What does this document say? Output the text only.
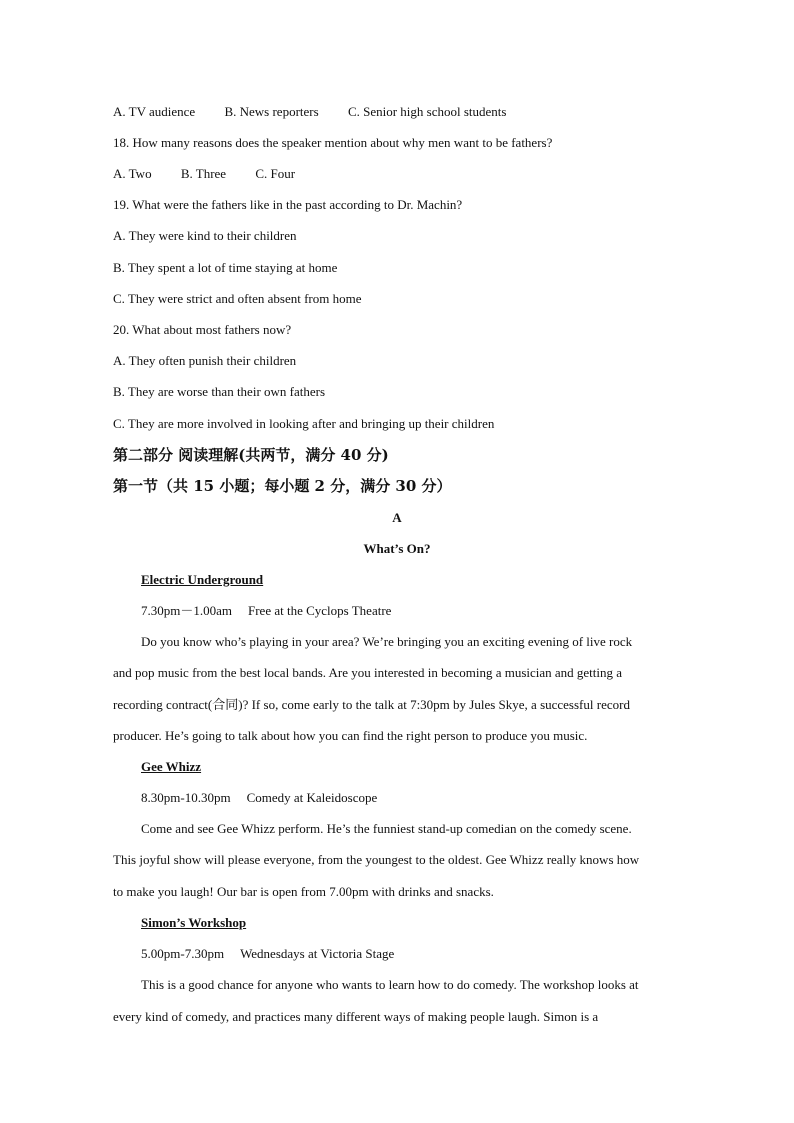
A. TV audience B. News reporters C. Senior high school students
18. How many reasons does the speaker mention about why men want to be fathers?
A. Two B. Three C. Four
19. What were the fathers like in the past according to Dr. Machin?
A. They were kind to their children
B. They spent a lot of time staying at home
C. They were strict and often absent from home
20. What about most fathers now?
A. They often punish their children
B. They are worse than their own fathers
C. They are more involved in looking after and bringing up their children
第二部分 阅读理解(共两节，满分 40 分)
第一节（共 15 小题；每小题 2 分，满分 30 分）
A
What’s On?
Electric Underground
7.30pm－1.00am Free at the Cyclops Theatre
Do you know who’s playing in your area? We’re bringing you an exciting evening of live rock
and pop music from the best local bands. Are you interested in becoming a musician and getting a
recording contract(合同)? If so, come early to the talk at 7:30pm by Jules Skye, a successful record
producer. He’s going to talk about how you can find the right person to produce you music.
Gee Whizz
8.30pm-10.30pm Comedy at Kaleidoscope
Come and see Gee Whizz perform. He’s the funniest stand-up comedian on the comedy scene.
This joyful show will please everyone, from the youngest to the oldest. Gee Whizz really knows how
to make you laugh! Our bar is open from 7.00pm with drinks and snacks.
Simon’s Workshop
5.00pm-7.30pm Wednesdays at Victoria Stage
This is a good chance for anyone who wants to learn how to do comedy. The workshop looks at
every kind of comedy, and practices many different ways of making people laugh. Simon is a
